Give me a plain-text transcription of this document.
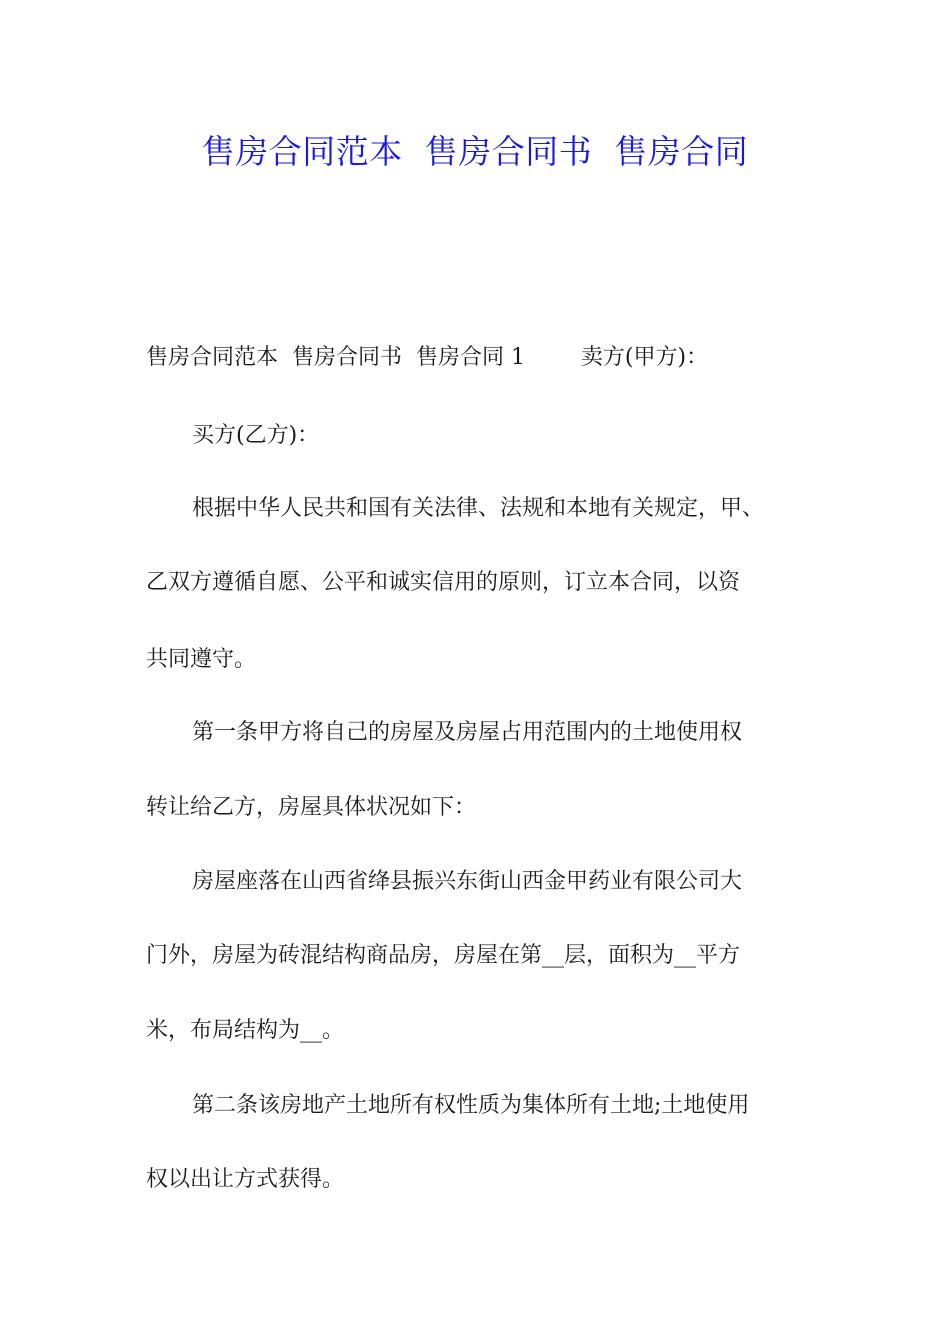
售房合同范本  售房合同书  售房合同
售房合同范本  售房合同书  售房合同 1        卖方(甲方)：
买方(乙方)：
根据中华人民共和国有关法律、法规和本地有关规定，甲、
乙双方遵循自愿、公平和诚实信用的原则，订立本合同，以资
共同遵守。
第一条甲方将自己的房屋及房屋占用范围内的土地使用权
转让给乙方，房屋具体状况如下：
房屋座落在山西省绛县振兴东街山西金甲药业有限公司大
门外，房屋为砖混结构商品房，房屋在第__层，面积为__平方
米，布局结构为__。
第二条该房地产土地所有权性质为集体所有土地;土地使用
权以出让方式获得。
